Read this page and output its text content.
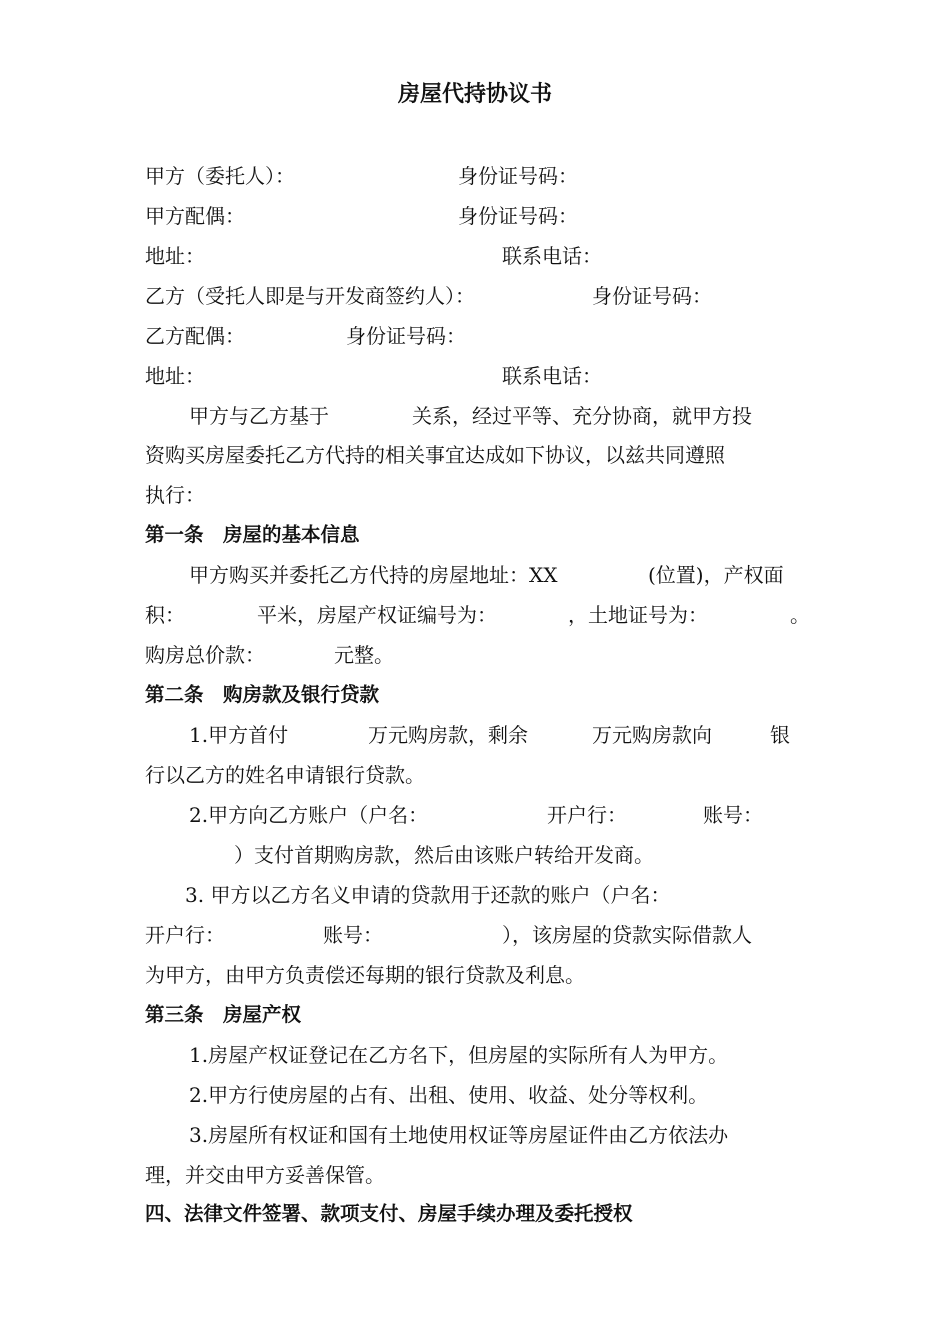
房屋代持协议书
甲方（委托人）：	身份证号码：
甲方配偶：	身份证号码：
地址：	联系电话：
乙方（受托人即是与开发商签约人）：	身份证号码：
乙方配偶：	身份证号码：
地址：	联系电话：
甲方与乙方基于	关系，经过平等、充分协商，就甲方投
资购买房屋委托乙方代持的相关事宜达成如下协议，以兹共同遵照
执行：
第一条　房屋的基本信息
甲方购买并委托乙方代持的房屋地址：XX	(位置)，产权面
积：	平米，房屋产权证编号为：	，土地证号为：	。
购房总价款：	元整。
第二条　购房款及银行贷款
1.甲方首付	万元购房款，剩余	万元购房款向	银
行以乙方的姓名申请银行贷款。
2.甲方向乙方账户（户名：	开户行：	账号：
）支付首期购房款，然后由该账户转给开发商。
3. 甲方以乙方名义申请的贷款用于还款的账户（户名：
开户行：	账号：	），该房屋的贷款实际借款人
为甲方，由甲方负责偿还每期的银行贷款及利息。
第三条　房屋产权
1.房屋产权证登记在乙方名下，但房屋的实际所有人为甲方。
2.甲方行使房屋的占有、出租、使用、收益、处分等权利。
3.房屋所有权证和国有土地使用权证等房屋证件由乙方依法办
理，并交由甲方妥善保管。
四、法律文件签署、款项支付、房屋手续办理及委托授权
